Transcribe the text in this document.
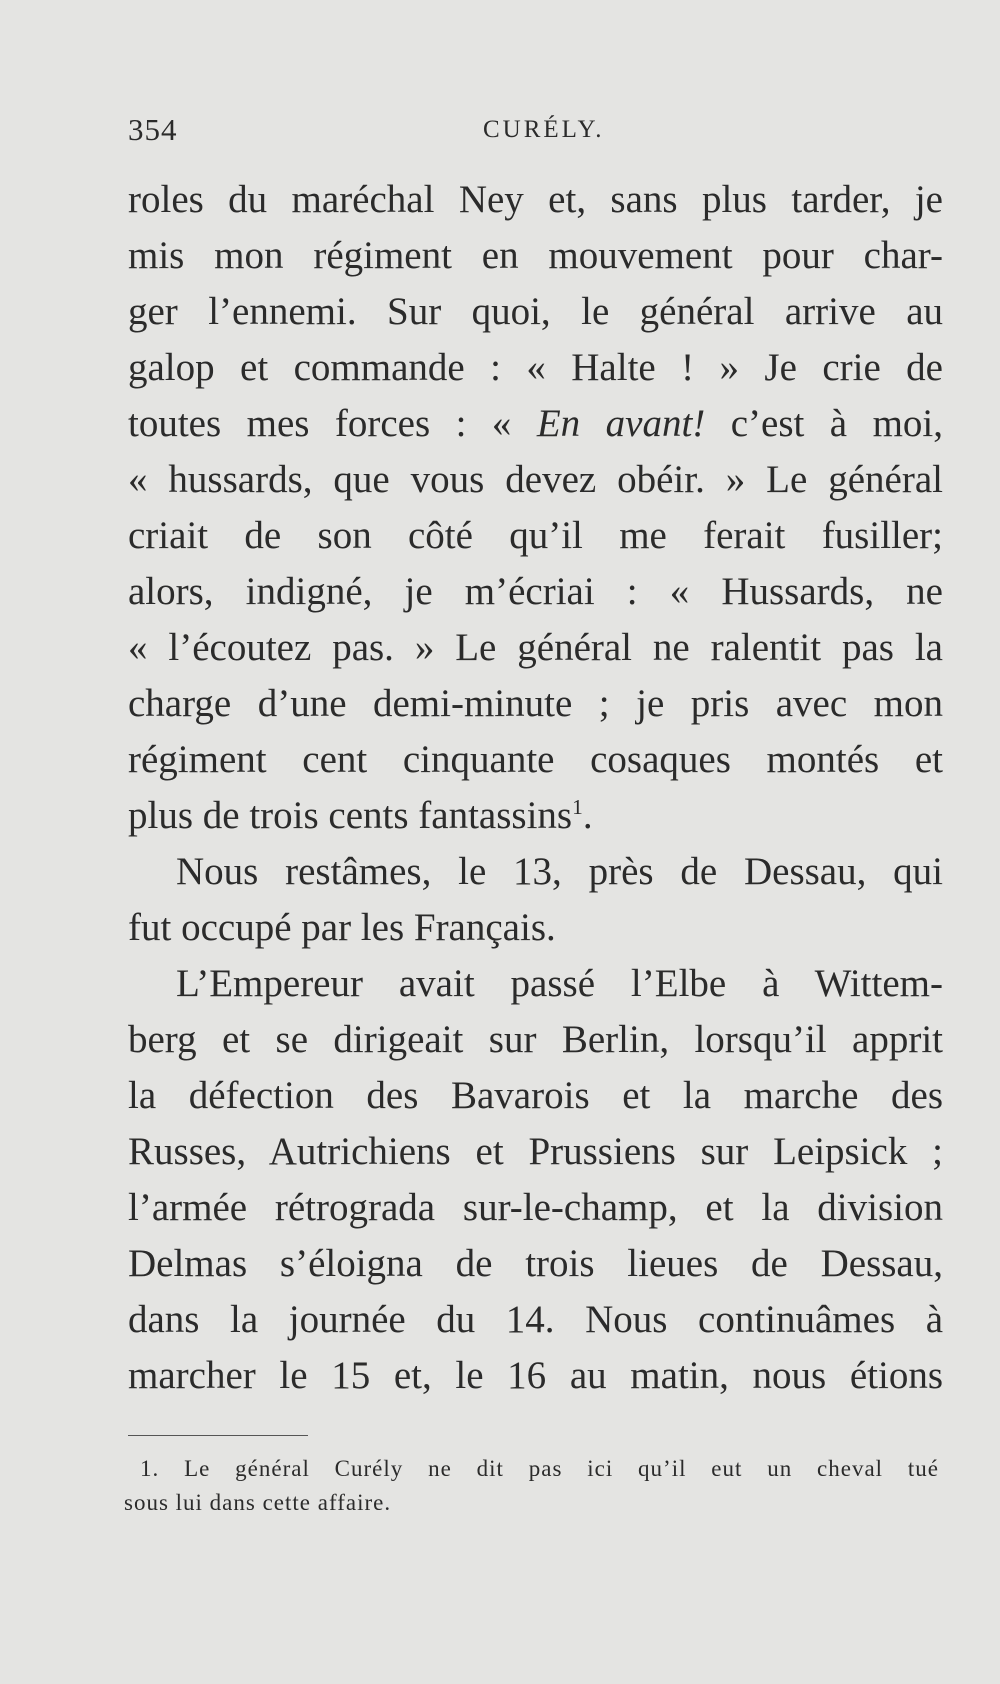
354	CURÉLY.
roles du maréchal Ney et, sans plus tarder, je
mis mon régiment en mouvement pour char-
ger l’ennemi. Sur quoi, le général arrive au
galop et commande : « Halte ! » Je crie de
toutes mes forces : « En avant! c’est à moi,
« hussards, que vous devez obéir. » Le général
criait de son côté qu’il me ferait fusiller;
alors, indigné, je m’écriai : « Hussards, ne
« l’écoutez pas. » Le général ne ralentit pas la
charge d’une demi-minute ; je pris avec mon
régiment cent cinquante cosaques montés et
plus de trois cents fantassins$^1$.
Nous restâmes, le 13, près de Dessau, qui
fut occupé par les Français.
L’Empereur avait passé l’Elbe à Wittem-
berg et se dirigeait sur Berlin, lorsqu’il apprit
la défection des Bavarois et la marche des
Russes, Autrichiens et Prussiens sur Leipsick ;
l’armée rétrograda sur-le-champ, et la division
Delmas s’éloigna de trois lieues de Dessau,
dans la journée du 14. Nous continuâmes à
marcher le 15 et, le 16 au matin, nous étions
1. Le général Curély ne dit pas ici qu’il eut un cheval tué
sous lui dans cette affaire.
